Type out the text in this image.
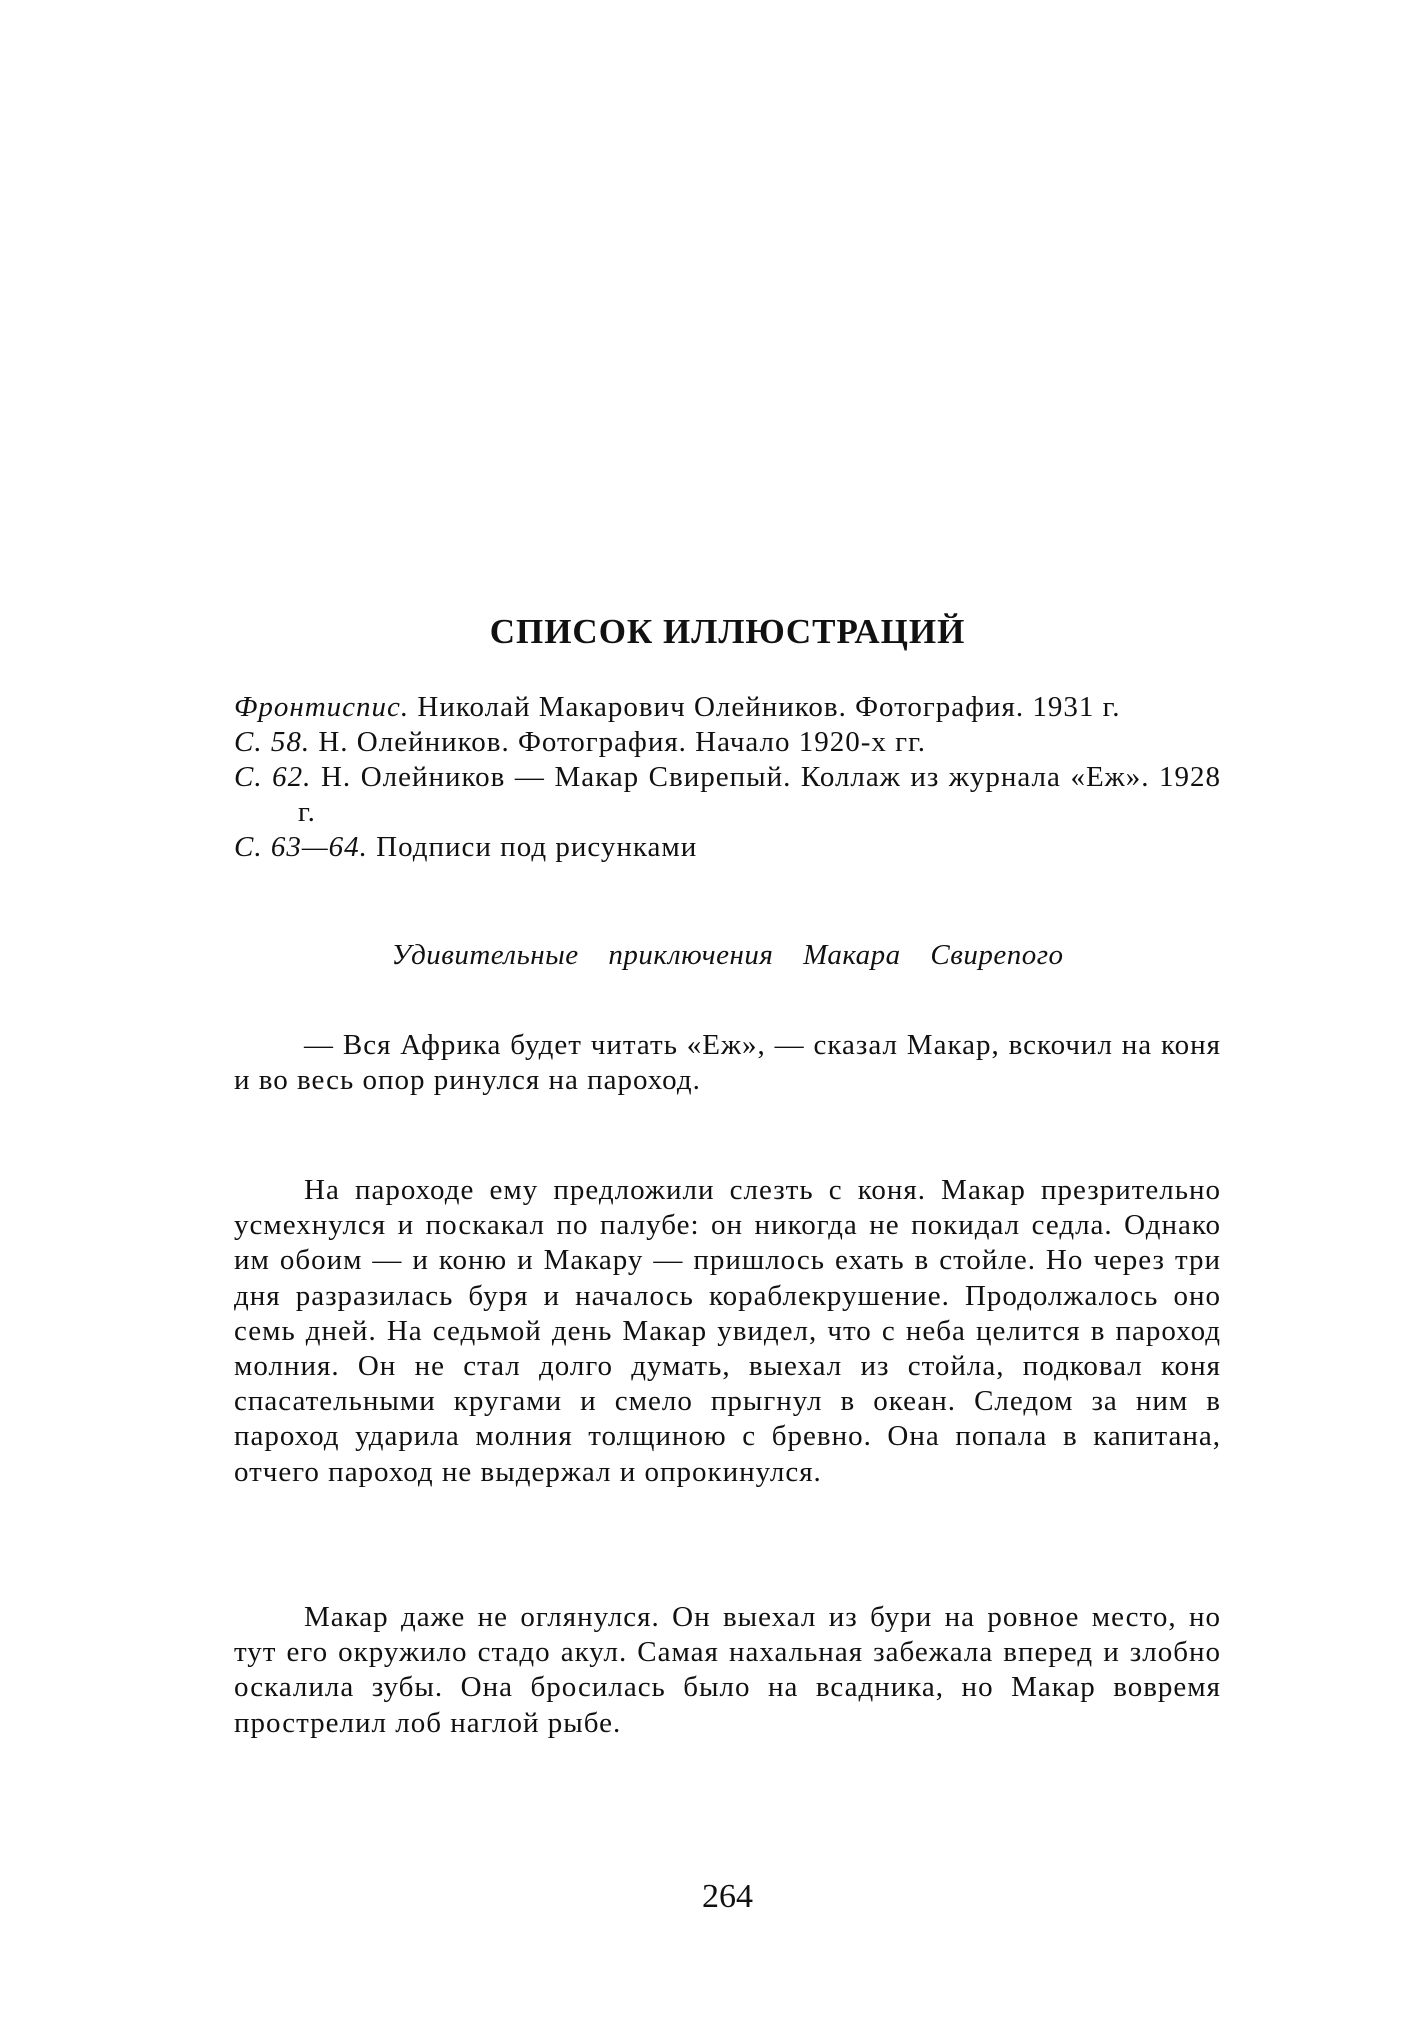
СПИСОК ИЛЛЮСТРАЦИЙ
Фронтиспис. Николай Макарович Олейников. Фотография. 1931 г.
С. 58. Н. Олейников. Фотография. Начало 1920-х гг.
С. 62. Н. Олейников — Макар Свирепый. Коллаж из журнала «Еж». 1928 г.
С. 63—64. Подписи под рисунками

Удивительные приключения Макара Свирепого

— Вся Африка будет читать «Еж», — сказал Макар, вскочил на коня и во весь опор ринулся на пароход.

На пароходе ему предложили слезть с коня. Макар презрительно усмехнулся и поскакал по палубе: он никогда не покидал седла. Однако им обоим — и коню и Макару — пришлось ехать в стойле. Но через три дня разразилась буря и началось кораблекрушение. Продолжалось оно семь дней. На седьмой день Макар увидел, что с неба целится в пароход молния. Он не стал долго думать, выехал из стойла, подковал коня спасательными кругами и смело прыгнул в океан. Следом за ним в пароход ударила молния толщиною с бревно. Она попала в капитана, отчего пароход не выдержал и опрокинулся.

Макар даже не оглянулся. Он выехал из бури на ровное место, но тут его окружило стадо акул. Самая нахальная забежала вперед и злобно оскалила зубы. Она бросилась было на всадника, но Макар вовремя прострелил лоб наглой рыбе.

264
